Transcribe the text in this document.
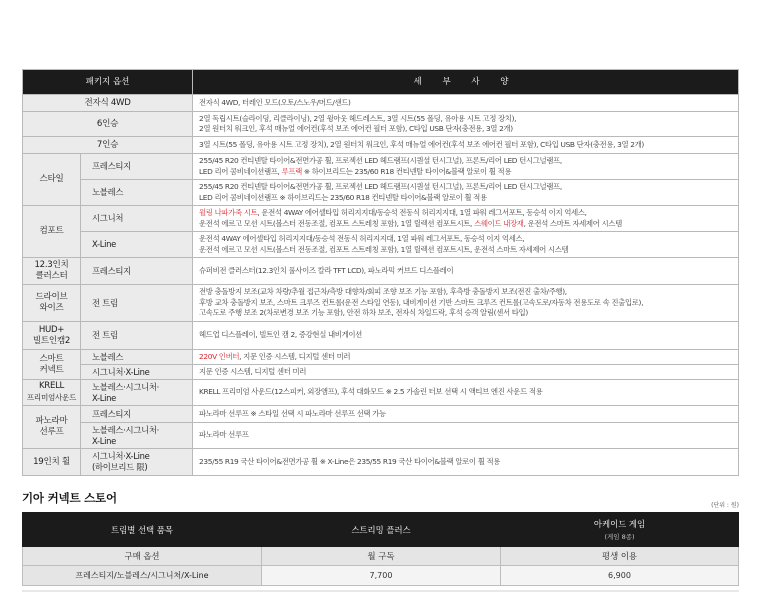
패키지 옵션		세 부 사 양
전자식 4WD		전자식 4WD, 터레인 모드(오토/스노우/머드/샌드)

6인승		2열 독립시트(슬라이딩, 리클라이닝), 2열 윙아웃 헤드레스트, 3열 시트(55 폴딩, 유아용 시트 고정 장치),
2열 원터치 워크인, 후석 매뉴얼 에어컨(후석 보조 에어컨 필터 포함), C타입 USB 단자(충전용, 3열 2개)

7인승		3열 시트(55 폴딩, 유아용 시트 고정 장치), 2열 원터치 워크인, 후석 매뉴얼 에어컨(후석 보조 에어컨 필터 포함), C타입 USB 단자(충전용, 3열 2개)

스타일	프레스티지	255/45 R20 컨티넨탈 타이어&전면가공 휠, 프로젝션 LED 헤드램프(시퀀셜 턴시그널), 프론트/리어 LED 턴시그널램프,
LED 리어 콤비네이션램프, 루프랙 ※ 하이브리드는 235/60 R18 컨티넨탈 타이어&블랙 알로이 휠 적용

	노블레스	255/45 R20 컨티넨탈 타이어&전면가공 휠, 프로젝션 LED 헤드램프(시퀀셜 턴시그널), 프론트/리어 LED 턴시그널램프,
LED 리어 콤비네이션램프 ※ 하이브리드는 235/60 R18 컨티넨탈 타이어&블랙 알로이 휠 적용

컴포트	시그니처	윌링 나파가죽 시트, 운전석 4WAY 에어셀타입 허리지지대/동승석 전동식 허리지지대, 1열 파워 레그서포트, 동승석 이지 억세스,
운전석 에르고 모션 시트(볼스터 전동조절, 컴포트 스트레칭 포함), 1열 릴렉션 컴포트시트, 스웨이드 내장재, 운전석 스마트 자세제어 시스템

	X-Line	운전석 4WAY 에어셀타입 허리지지대/동승석 전동식 허리지지대, 1열 파워 레그서포트, 동승석 이지 억세스,
운전석 에르고 모션 시트(볼스터 전동조절, 컴포트 스트레칭 포함), 1열 릴렉션 컴포트시트, 운전석 스마트 자세제어 시스템

12.3인치
클러스터	프레스티지	슈퍼비전 클러스터(12.3인치 풀사이즈 칼라 TFT LCD), 파노라믹 커브드 디스플레이

드라이브
와이즈	전 트림	전방 충돌방지 보조(교차 차량/추월 접근차/측방 대향차/회피 조향 보조 기능 포함), 후측방 충돌방지 보조(전진 출차/주행),
후방 교차 충돌방지 보조, 스마트 크루즈 컨트롤(운전 스타일 연동), 내비게이션 기반 스마트 크루즈 컨트롤(고속도로/자동차 전용도로 속 진출입로),
고속도로 주행 보조 2(차로변경 보조 기능 포함), 안전 하차 보조, 전자식 차일드락, 후석 승객 알림(센서 타입)

HUD+
빌트인캠2	전 트림	헤드업 디스플레이, 빌트인 캠 2, 증강현실 내비게이션

스마트
커넥트	노블레스	220V 인버터, 지문 인증 시스템, 디지털 센터 미러

	시그니처·X-Line	지문 인증 시스템, 디지털 센터 미러

KRELL
프리미엄사운드	노블레스·시그니처·
X-Line	KRELL 프리미엄 사운드(12스피커, 외장앰프), 후석 대화모드 ※ 2.5 가솔린 터보 선택 시 액티브 엔진 사운드 적용

파노라마
선루프	프레스티지	파노라마 선루프 ※ 스타일 선택 시 파노라마 선루프 선택 가능

	노블레스·시그니처·
X-Line	파노라마 선루프

19인치 휠	시그니처·X-Line
(하이브리드 限)	235/55 R19 국산 타이어&전면가공 휠 ※ X-Line은 235/55 R19 국산 타이어&블랙 알로이 휠 적용
기아 커넥트 스토어
(단위 : 원)
트림별 선택 품목	스트리밍 플러스	아케이드 게임
(게임 8종)

구매 옵션	월 구독	평생 이용
프레스티지/노블레스/시그니처/X-Line	7,700	6,900
